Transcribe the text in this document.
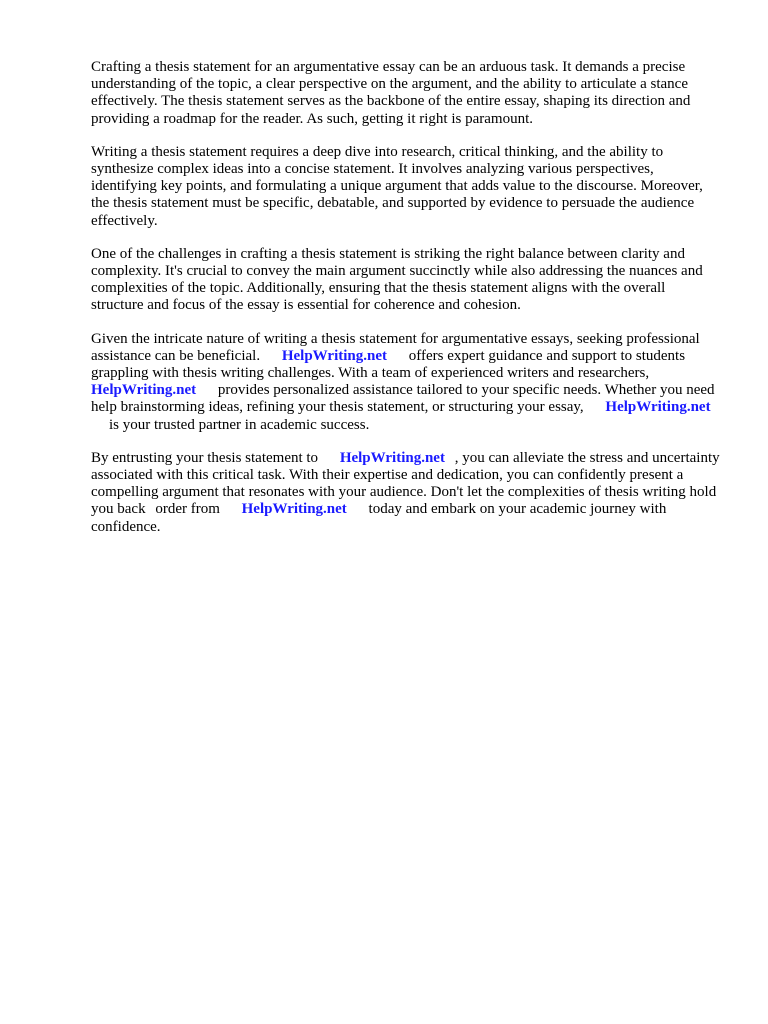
Crafting a thesis statement for an argumentative essay can be an arduous task. It demands a precise understanding of the topic, a clear perspective on the argument, and the ability to articulate a stance effectively. The thesis statement serves as the backbone of the entire essay, shaping its direction and providing a roadmap for the reader. As such, getting it right is paramount.

Writing a thesis statement requires a deep dive into research, critical thinking, and the ability to synthesize complex ideas into a concise statement. It involves analyzing various perspectives, identifying key points, and formulating a unique argument that adds value to the discourse. Moreover, the thesis statement must be specific, debatable, and supported by evidence to persuade the audience effectively.

One of the challenges in crafting a thesis statement is striking the right balance between clarity and complexity. It's crucial to convey the main argument succinctly while also addressing the nuances and complexities of the topic. Additionally, ensuring that the thesis statement aligns with the overall structure and focus of the essay is essential for coherence and cohesion.

Given the intricate nature of writing a thesis statement for argumentative essays, seeking professional assistance can be beneficial. HelpWriting.net offers expert guidance and support to students grappling with thesis writing challenges. With a team of experienced writers and researchers, HelpWriting.net provides personalized assistance tailored to your specific needs. Whether you need help brainstorming ideas, refining your thesis statement, or structuring your essay, HelpWriting.net is your trusted partner in academic success.

By entrusting your thesis statement to HelpWriting.net , you can alleviate the stress and uncertainty associated with this critical task. With their expertise and dedication, you can confidently present a compelling argument that resonates with your audience. Don't let the complexities of thesis writing hold you back order from HelpWriting.net today and embark on your academic journey with confidence.
